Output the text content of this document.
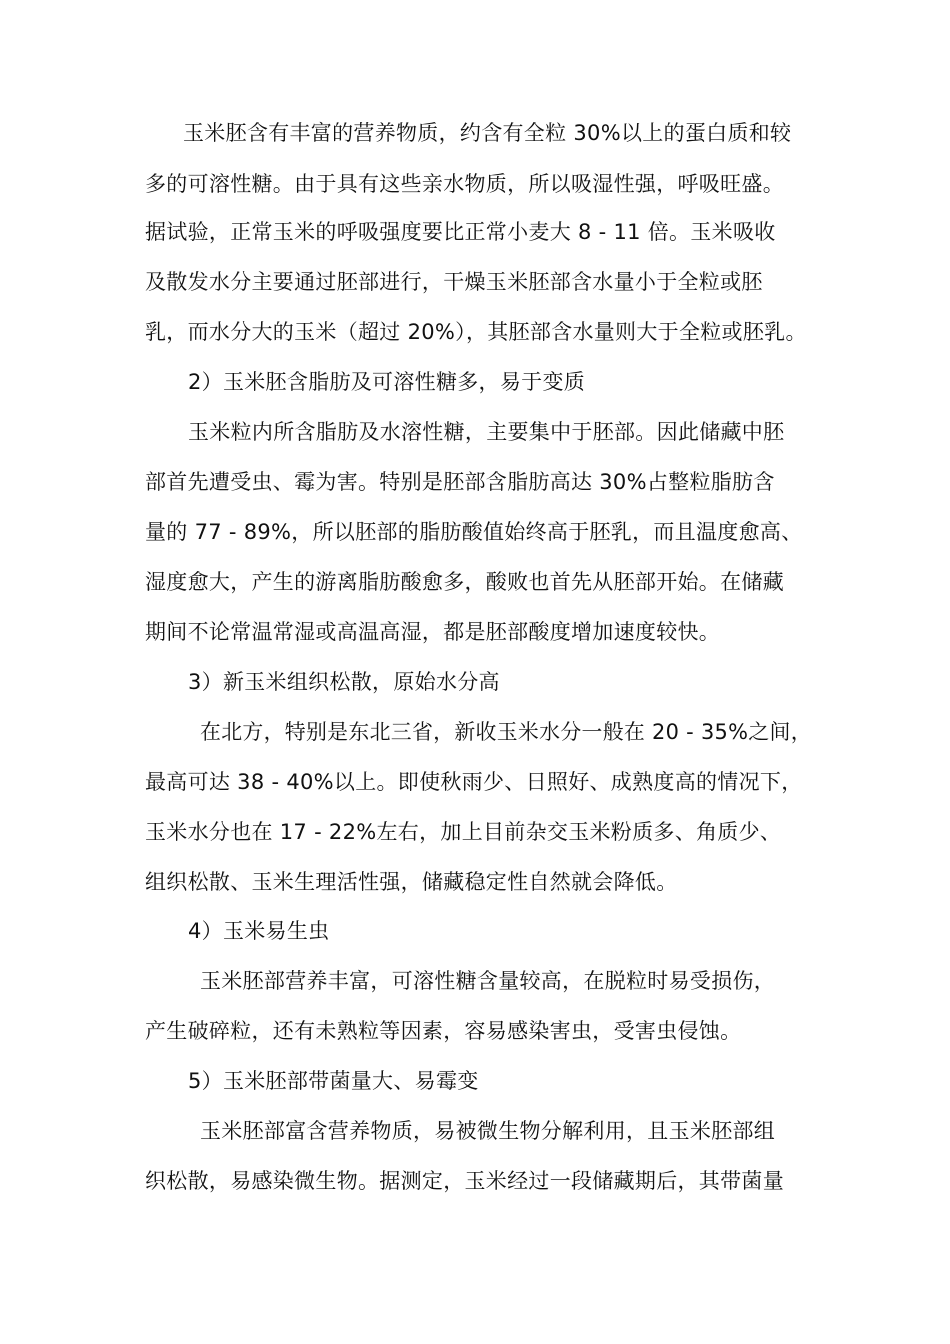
玉米胚含有丰富的营养物质，约含有全粒 30%以上的蛋白质和较
多的可溶性糖。由于具有这些亲水物质，所以吸湿性强，呼吸旺盛。
据试验，正常玉米的呼吸强度要比正常小麦大 8 - 11 倍。玉米吸收
及散发水分主要通过胚部进行，干燥玉米胚部含水量小于全粒或胚
乳，而水分大的玉米（超过 20%），其胚部含水量则大于全粒或胚乳。
2）玉米胚含脂肪及可溶性糖多，易于变质
玉米粒内所含脂肪及水溶性糖，主要集中于胚部。因此储藏中胚
部首先遭受虫、霉为害。特别是胚部含脂肪高达 30%占整粒脂肪含
量的 77 - 89%，所以胚部的脂肪酸值始终高于胚乳，而且温度愈高、
湿度愈大，产生的游离脂肪酸愈多，酸败也首先从胚部开始。在储藏
期间不论常温常湿或高温高湿，都是胚部酸度增加速度较快。
3）新玉米组织松散，原始水分高
在北方，特别是东北三省，新收玉米水分一般在 20 - 35%之间，
最高可达 38 - 40%以上。即使秋雨少、日照好、成熟度高的情况下，
玉米水分也在 17 - 22%左右，加上目前杂交玉米粉质多、角质少、
组织松散、玉米生理活性强，储藏稳定性自然就会降低。
4）玉米易生虫
玉米胚部营养丰富，可溶性糖含量较高，在脱粒时易受损伤，
产生破碎粒，还有未熟粒等因素，容易感染害虫，受害虫侵蚀。
5）玉米胚部带菌量大、易霉变
玉米胚部富含营养物质，易被微生物分解利用，且玉米胚部组
织松散，易感染微生物。据测定，玉米经过一段储藏期后，其带菌量
